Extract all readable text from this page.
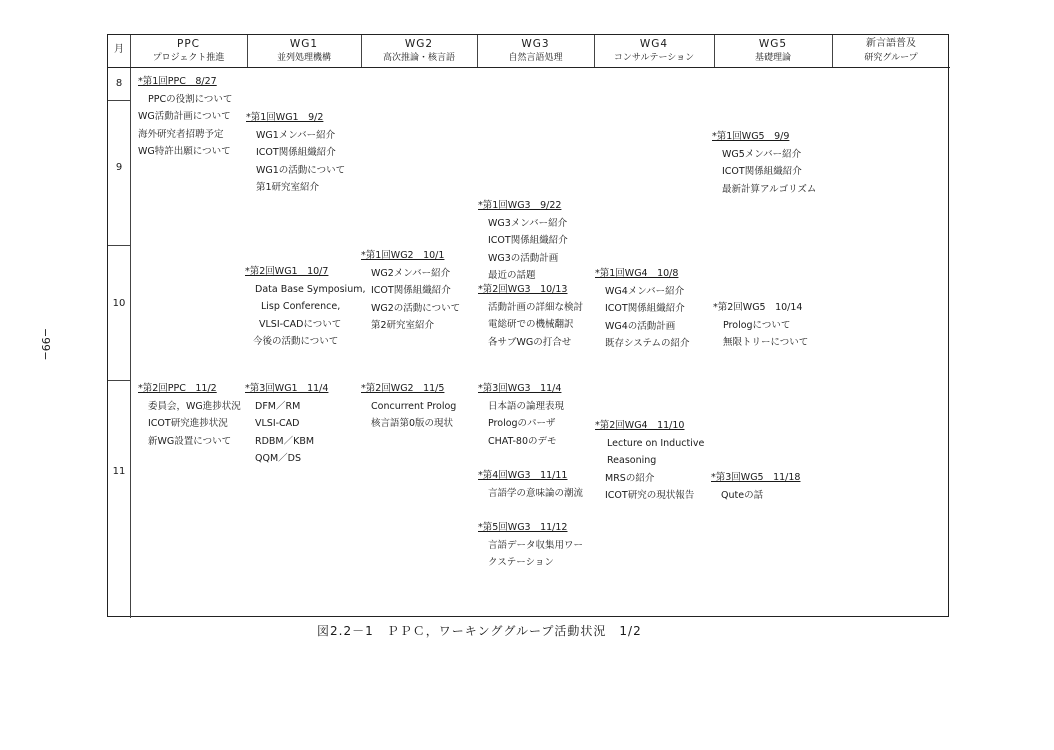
−99−
月	PPC
プロジェクト推進
WG1
並列処理機構
WG2
高次推論・核言語
WG3
自然言語処理
WG4
コンサルテーション
WG5
基礎理論
新言語普及
研究グループ
8
9
10
11
*第1回PPC　8/27
PPCの役割について
WG活動計画について
海外研究者招聘予定
WG特許出願について
*第1回WG1　9/2
WG1メンバー紹介
ICOT関係組織紹介
WG1の活動について
第1研究室紹介
*第1回WG5　9/9
WG5メンバー紹介
ICOT関係組織紹介
最新計算アルゴリズム
*第1回WG3　9/22
WG3メンバー紹介
ICOT関係組織紹介
WG3の活動計画
最近の話題
*第1回WG2　10/1
WG2メンバー紹介
ICOT関係組織紹介
WG2の活動について
第2研究室紹介
*第2回WG1　10/7
Data Base Symposium,
Lisp Conference,
VLSI-CADについて
今後の活動について
*第1回WG4　10/8
WG4メンバー紹介
ICOT関係組織紹介
WG4の活動計画
既存システムの紹介
*第2回WG3　10/13
活動計画の詳細な検討
電総研での機械翻訳
各サブWGの打合せ
*第2回WG5　10/14
Prologについて
無限トリーについて
*第2回PPC　11/2
委員会，WG進捗状況
ICOT研究進捗状況
新WG設置について
*第3回WG1　11/4
DFM／RM
VLSI-CAD
RDBM／KBM
QQM／DS
*第2回WG2　11/5
Concurrent Prolog
核言語第0版の現状
*第3回WG3　11/4
日本語の論理表現
Prologのパーザ
CHAT-80のデモ
*第2回WG4　11/10
Lecture on Inductive
Reasoning
MRSの紹介
ICOT研究の現状報告
*第4回WG3　11/11
言語学の意味論の潮流
*第3回WG5　11/18
Quteの話
*第5回WG3　11/12
言語データ収集用ワー
クステーション
図2.2－1　ＰＰＣ，ワーキンググループ活動状況　1/2
